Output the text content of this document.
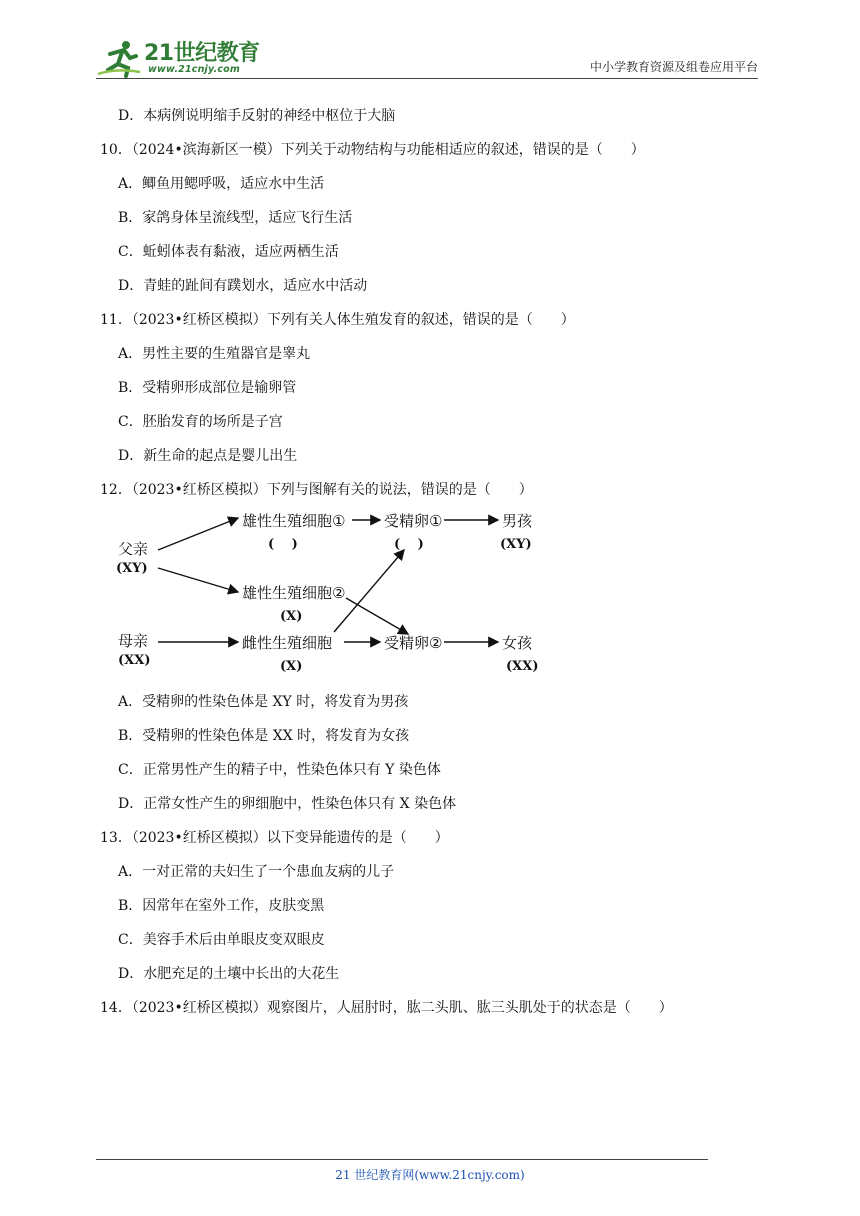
21世纪教育
www.21cnjy.com	中小学教育资源及组卷应用平台
D．本病例说明缩手反射的神经中枢位于大脑
10．（2024•滨海新区一模）下列关于动物结构与功能相适应的叙述，错误的是（　　）
A．鲫鱼用鳃呼吸，适应水中生活
B．家鸽身体呈流线型，适应飞行生活
C．蚯蚓体表有黏液，适应两栖生活
D．青蛙的趾间有蹼划水，适应水中活动
11．（2023•红桥区模拟）下列有关人体生殖发育的叙述，错误的是（　　）
A．男性主要的生殖器官是睾丸
B．受精卵形成部位是输卵管
C．胚胎发育的场所是子宫
D．新生命的起点是婴儿出生
12．（2023•红桥区模拟）下列与图解有关的说法，错误的是（　　）
父亲
(XY)
母亲
(XX)
雄性生殖细胞①
(　 )
雄性生殖细胞②
(X)
雌性生殖细胞
(X)
受精卵①
(　 )
受精卵②
男孩
(XY)
女孩
(XX)
A．受精卵的性染色体是 XY 时，将发育为男孩
B．受精卵的性染色体是 XX 时，将发育为女孩
C．正常男性产生的精子中，性染色体只有 Y 染色体
D．正常女性产生的卵细胞中，性染色体只有 X 染色体
13．（2023•红桥区模拟）以下变异能遗传的是（　　）
A．一对正常的夫妇生了一个患血友病的儿子
B．因常年在室外工作，皮肤变黑
C．美容手术后由单眼皮变双眼皮
D．水肥充足的土壤中长出的大花生
14．（2023•红桥区模拟）观察图片，人屈肘时，肱二头肌、肱三头肌处于的状态是（　　）
21 世纪教育网(www.21cnjy.com)
